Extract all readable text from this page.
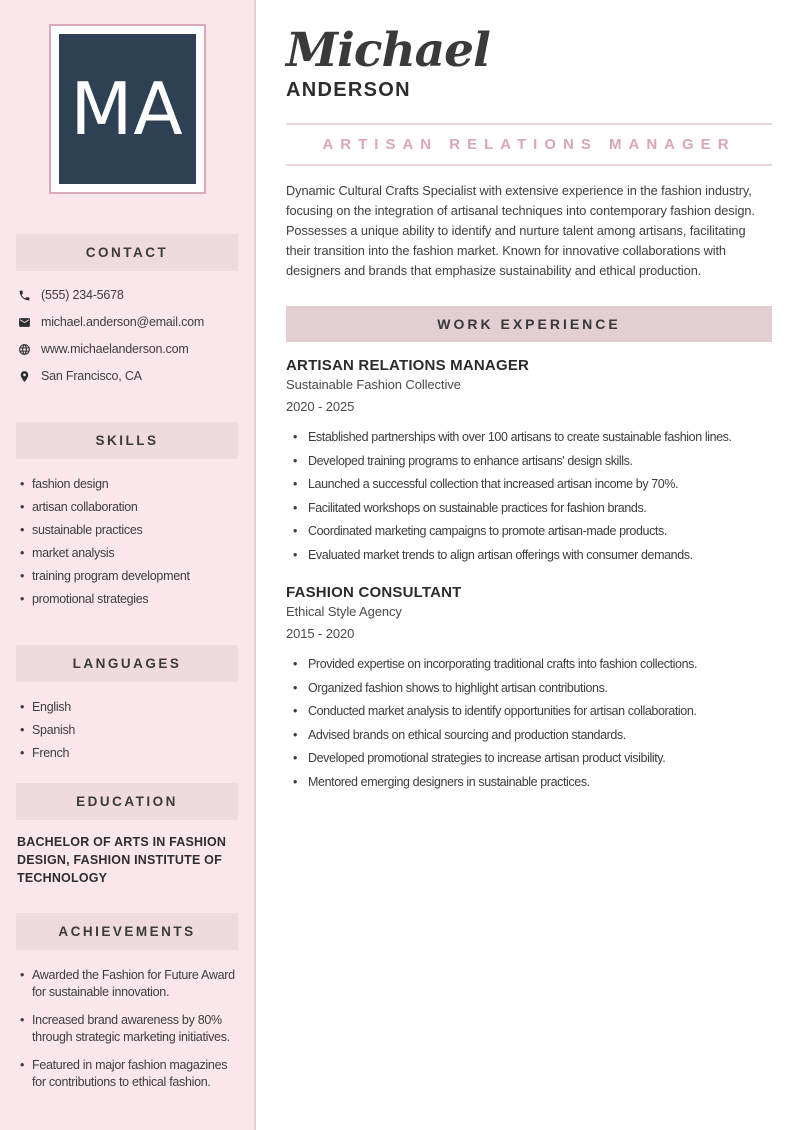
MA
CONTACT
(555) 234-5678
michael.anderson@email.com
www.michaelanderson.com
San Francisco, CA
SKILLS
• fashion design
• artisan collaboration
• sustainable practices
• market analysis
• training program development
• promotional strategies
LANGUAGES
• English
• Spanish
• French
EDUCATION
BACHELOR OF ARTS IN FASHION DESIGN, FASHION INSTITUTE OF TECHNOLOGY
ACHIEVEMENTS
• Awarded the Fashion for Future Award for sustainable innovation.
• Increased brand awareness by 80% through strategic marketing initiatives.
• Featured in major fashion magazines for contributions to ethical fashion.
Michael
ANDERSON
ARTISAN RELATIONS MANAGER

Dynamic Cultural Crafts Specialist with extensive experience in the fashion industry, focusing on the integration of artisanal techniques into contemporary fashion design. Possesses a unique ability to identify and nurture talent among artisans, facilitating their transition into the fashion market. Known for innovative collaborations with designers and brands that emphasize sustainability and ethical production.

WORK EXPERIENCE
ARTISAN RELATIONS MANAGER
Sustainable Fashion Collective
2020 - 2025
• Established partnerships with over 100 artisans to create sustainable fashion lines.
• Developed training programs to enhance artisans' design skills.
• Launched a successful collection that increased artisan income by 70%.
• Facilitated workshops on sustainable practices for fashion brands.
• Coordinated marketing campaigns to promote artisan-made products.
• Evaluated market trends to align artisan offerings with consumer demands.
FASHION CONSULTANT
Ethical Style Agency
2015 - 2020
• Provided expertise on incorporating traditional crafts into fashion collections.
• Organized fashion shows to highlight artisan contributions.
• Conducted market analysis to identify opportunities for artisan collaboration.
• Advised brands on ethical sourcing and production standards.
• Developed promotional strategies to increase artisan product visibility.
• Mentored emerging designers in sustainable practices.
